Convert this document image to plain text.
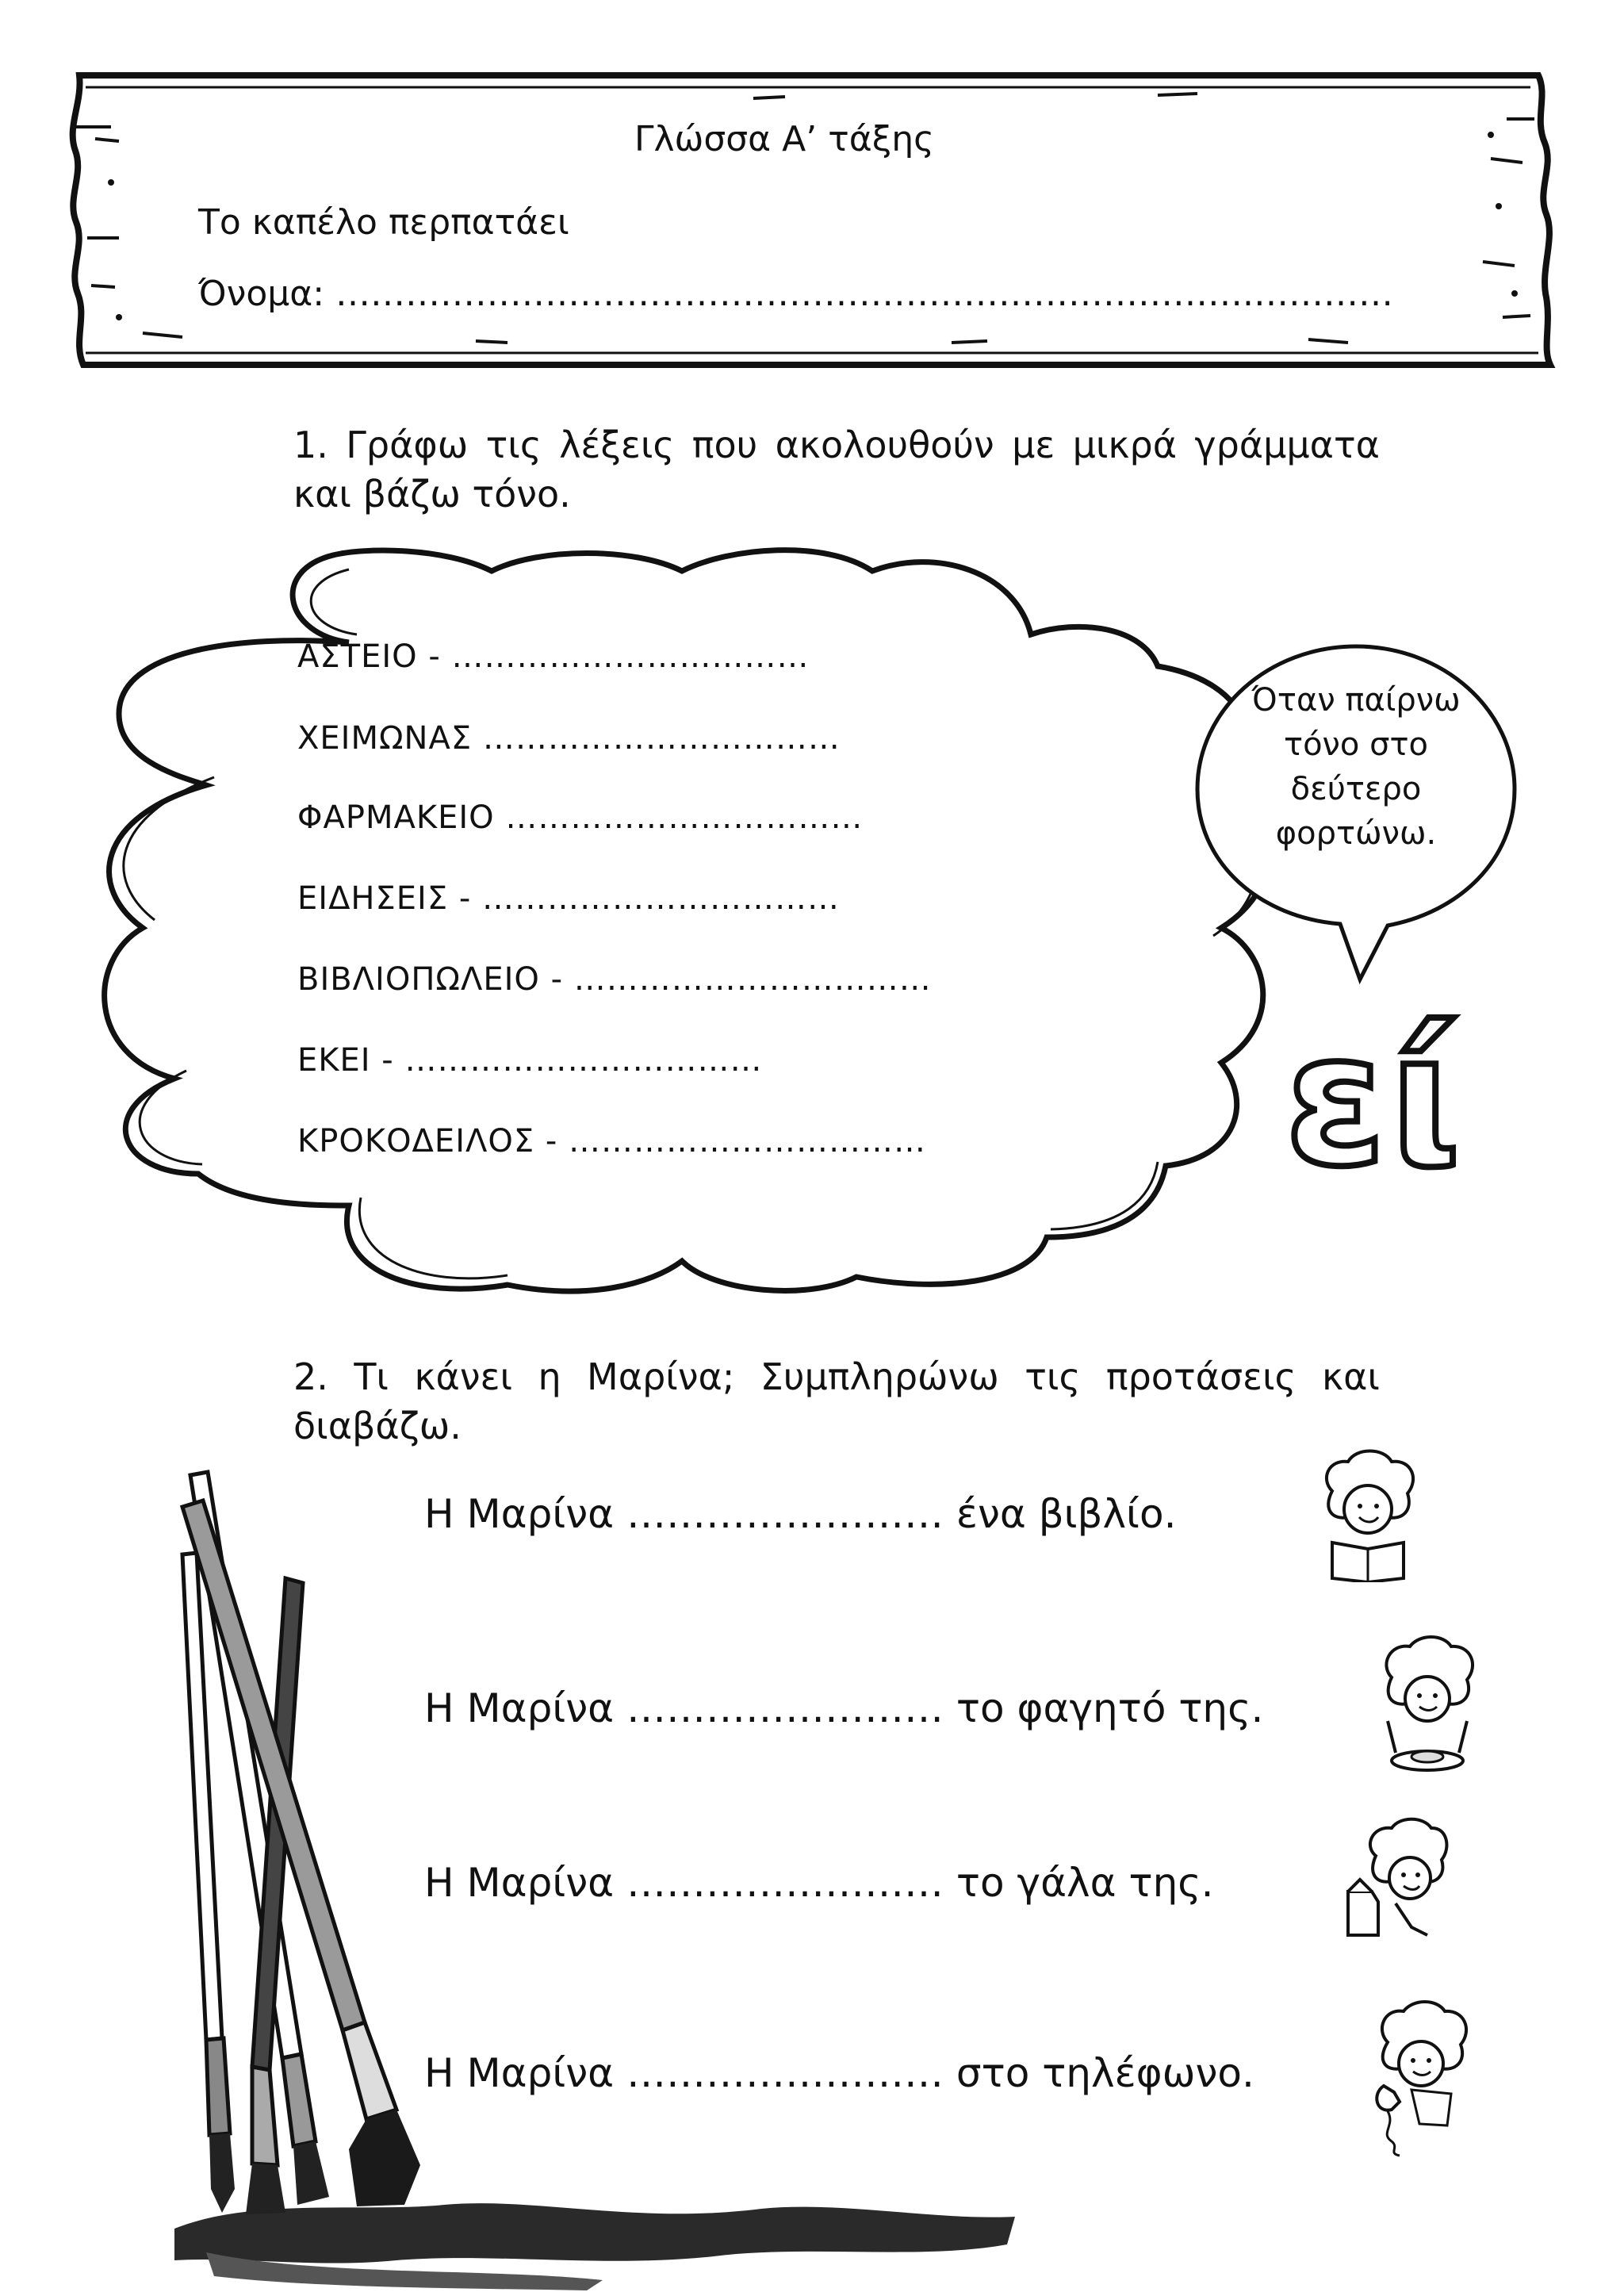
Γλώσσα Α’ τάξης
Το καπέλο περπατάει
Όνομα: …………………………………………………………………….…………
1. Γράφω τις λέξεις που ακολουθούν με μικρά γράμματα και βάζω τόνο.
ΑΣΤΕΙΟ - ……………………………
ΧΕΙΜΩΝΑΣ ……………………………
ΦΑΡΜΑΚΕΙΟ ……………………………
ΕΙΔΗΣΕΙΣ - ……………………………
ΒΙΒΛΙΟΠΩΛΕΙΟ - ……………………………
ΕΚΕΙ - ……………………………
ΚΡΟΚΟΔΕΙΛΟΣ - ……………………………
Όταν παίρνω
τόνο στο
δεύτερο
φορτώνω.
εί
2. Τι κάνει η Μαρίνα; Συμπληρώνω τις προτάσεις και διαβάζω.
Η Μαρίνα …………………… ένα βιβλίο.
Η Μαρίνα …………………… το φαγητό της.
Η Μαρίνα …………………… το γάλα της.
Η Μαρίνα …………………… στο τηλέφωνο.
